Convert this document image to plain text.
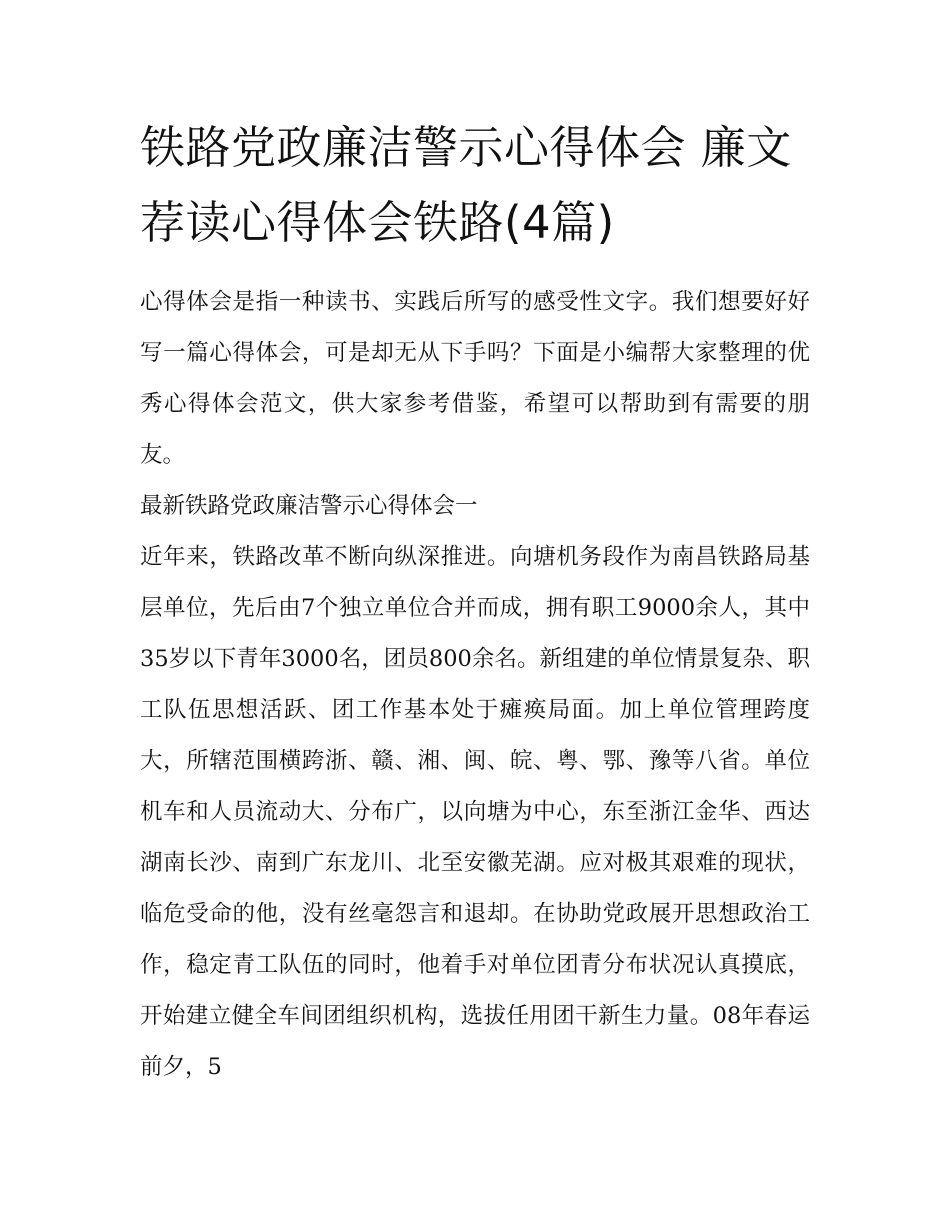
铁路党政廉洁警示心得体会 廉文荐读心得体会铁路(4篇)

心得体会是指一种读书、实践后所写的感受性文字。我们想要好好写一篇心得体会，可是却无从下手吗？下面是小编帮大家整理的优秀心得体会范文，供大家参考借鉴，希望可以帮助到有需要的朋友。

最新铁路党政廉洁警示心得体会一

近年来，铁路改革不断向纵深推进。向塘机务段作为南昌铁路局基层单位，先后由7个独立单位合并而成，拥有职工9000余人，其中35岁以下青年3000名，团员800余名。新组建的单位情景复杂、职工队伍思想活跃、团工作基本处于瘫痪局面。加上单位管理跨度大，所辖范围横跨浙、赣、湘、闽、皖、粤、鄂、豫等八省。单位机车和人员流动大、分布广，以向塘为中心，东至浙江金华、西达湖南长沙、南到广东龙川、北至安徽芜湖。应对极其艰难的现状，临危受命的他，没有丝毫怨言和退却。在协助党政展开思想政治工作，稳定青工队伍的同时，他着手对单位团青分布状况认真摸底，开始建立健全车间团组织机构，选拔任用团干新生力量。08年春运前夕，5
